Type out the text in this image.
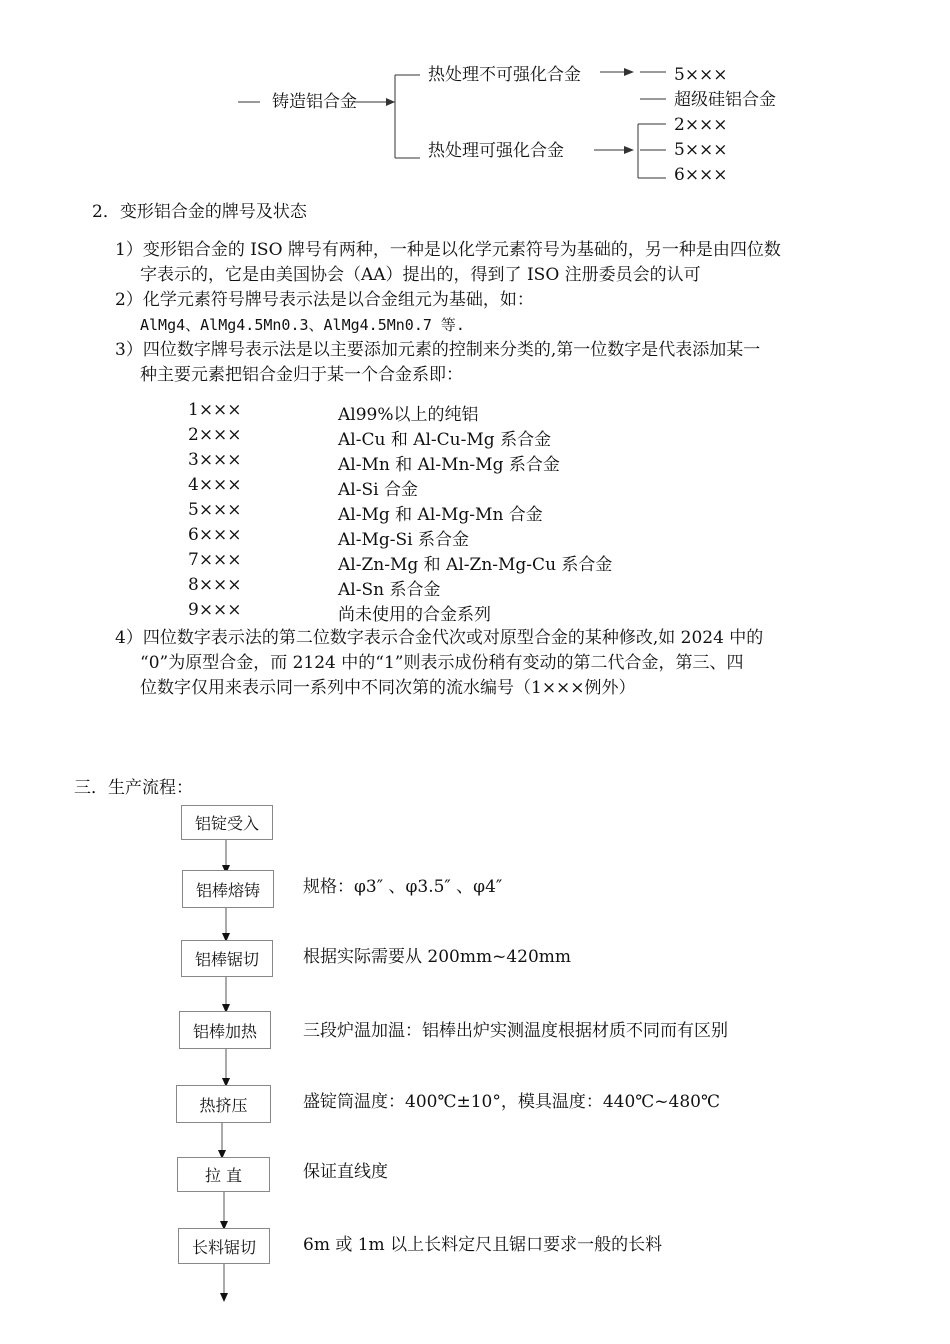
铸造铝合金
热处理不可强化合金
热处理可强化合金
5×××
超级硅铝合金
2×××
5×××
6×××
2．变形铝合金的牌号及状态
1）变形铝合金的 ISO 牌号有两种，一种是以化学元素符号为基础的，另一种是由四位数
字表示的，它是由美国协会（AA）提出的，得到了 ISO 注册委员会的认可
2）化学元素符号牌号表示法是以合金组元为基础，如：
AlMg4、AlMg4.5Mn0.3、AlMg4.5Mn0.7 等.
3）四位数字牌号表示法是以主要添加元素的控制来分类的,第一位数字是代表添加某一
种主要元素把铝合金归于某一个合金系即：
1×××	Al99%以上的纯铝
2×××	Al-Cu 和 Al-Cu-Mg 系合金
3×××	Al-Mn 和 Al-Mn-Mg 系合金
4×××	Al-Si 合金
5×××	Al-Mg 和 Al-Mg-Mn 合金
6×××	Al-Mg-Si 系合金
7×××	Al-Zn-Mg 和 Al-Zn-Mg-Cu 系合金
8×××	Al-Sn 系合金
9×××	尚未使用的合金系列
4）四位数字表示法的第二位数字表示合金代次或对原型合金的某种修改,如 2024 中的
“0”为原型合金，而 2124 中的“1”则表示成份稍有变动的第二代合金，第三、四
位数字仅用来表示同一系列中不同次第的流水编号（1×××例外）
三．生产流程：
铝锭受入
铝棒熔铸	规格：φ3″ 、φ3.5″ 、φ4″
铝棒锯切	根据实际需要从 200mm~420mm
铝棒加热	三段炉温加温：铝棒出炉实测温度根据材质不同而有区别
热挤压	盛锭筒温度：400℃±10°，模具温度：440℃~480℃
拉 直	保证直线度
长料锯切	6m 或 1m 以上长料定尺且锯口要求一般的长料
